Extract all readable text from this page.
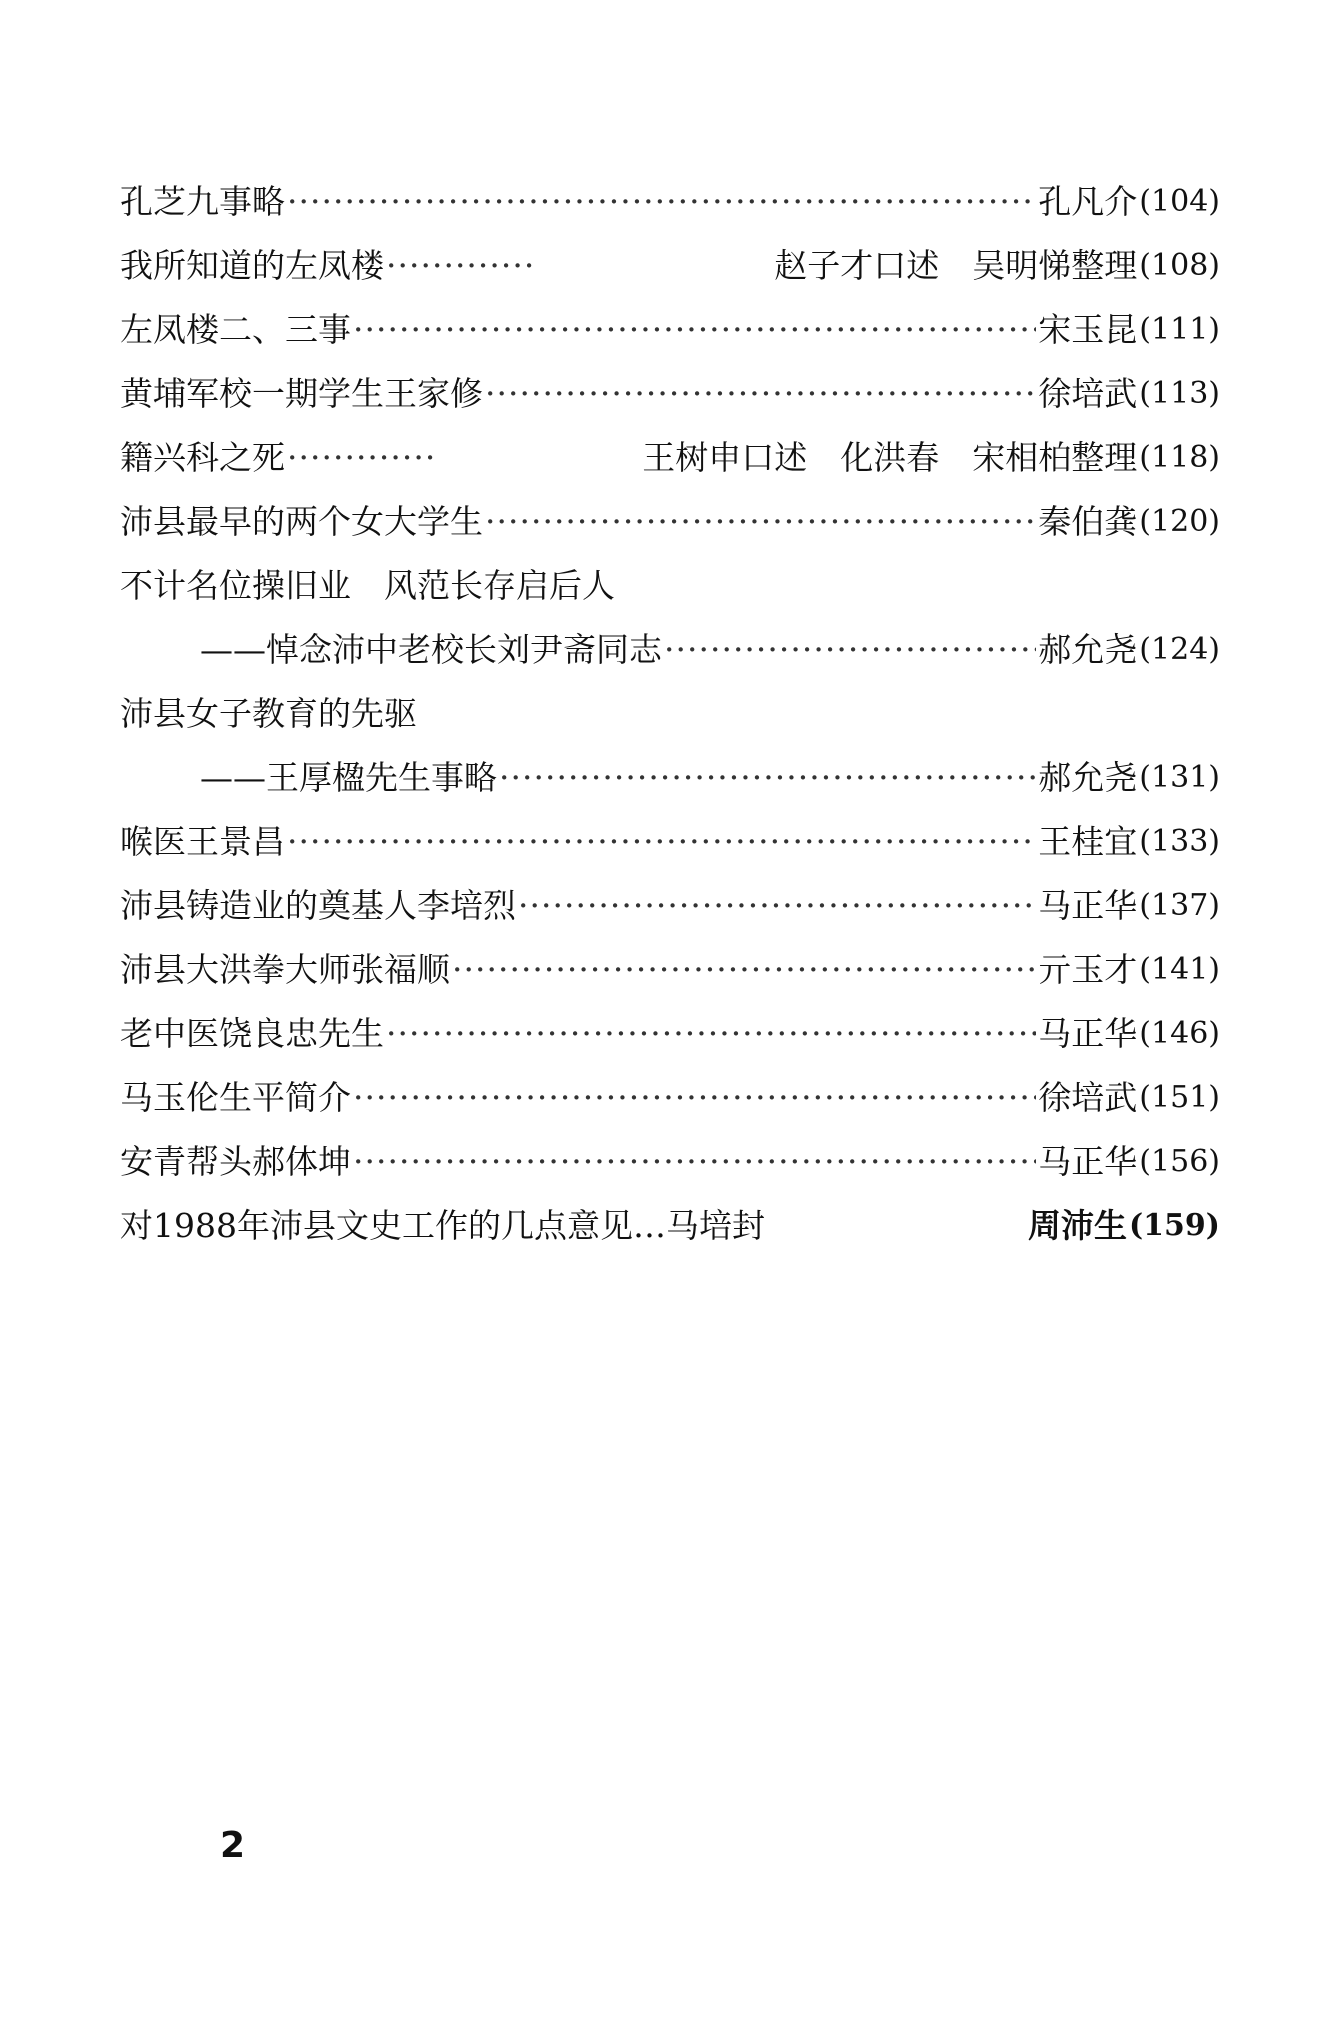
孔芝九事略 ·····	孔凡介 (104)
我所知道的左凤楼 ·····	赵子才口述　吴明悌整理 (108)
左凤楼二、三事 ·····	宋玉昆 (111)
黄埔军校一期学生王家修 ·····	徐培武 (113)
籍兴科之死 ·····	王树申口述　化洪春　宋相柏整理 (118)
沛县最早的两个女大学生 ·····	秦伯龚 (120)
不计名位操旧业　风范长存启后人
——悼念沛中老校长刘尹斋同志 ·····	郝允尧 (124)
沛县女子教育的先驱
——王厚楹先生事略 ·····	郝允尧 (131)
喉医王景昌 ·····	王桂宜 (133)
沛县铸造业的奠基人李培烈 ·····	马正华 (137)
沛县大洪拳大师张福顺 ·····	亓玉才 (141)
老中医饶良忠先生 ·····	马正华 (146)
马玉伦生平简介 ·····	徐培武 (151)
安青帮头郝体坤 ·····	马正华 (156)
对1988年沛县文史工作的几点意见…马培封	周沛生 (159)
2
